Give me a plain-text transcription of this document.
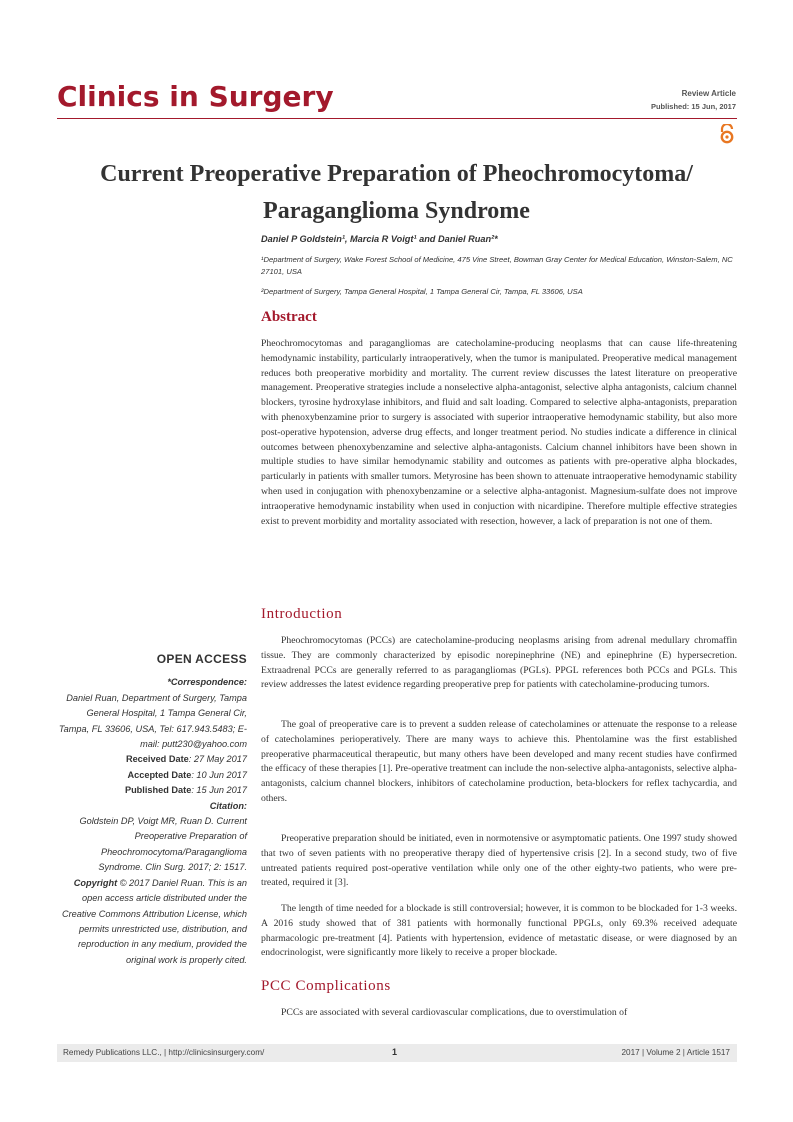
Clinics in Surgery	Review Article
Published: 15 Jun, 2017
Current Preoperative Preparation of Pheochromocytoma/ Paraganglioma Syndrome
Daniel P Goldstein¹, Marcia R Voigt¹ and Daniel Ruan²*
¹Department of Surgery, Wake Forest School of Medicine, 475 Vine Street, Bowman Gray Center for Medical Education, Winston-Salem, NC 27101, USA
²Department of Surgery, Tampa General Hospital, 1 Tampa General Cir, Tampa, FL 33606, USA
Abstract

Pheochromocytomas and paragangliomas are catecholamine-producing neoplasms that can cause life-threatening hemodynamic instability, particularly intraoperatively, when the tumor is manipulated. Preoperative medical management reduces both preoperative morbidity and mortality. The current review discusses the latest literature on preoperative management. Preoperative strategies include a nonselective alpha-antagonist, selective alpha antagonists, calcium channel blockers, tyrosine hydroxylase inhibitors, and fluid and salt loading. Compared to selective alpha-antagonists, preparation with phenoxybenzamine prior to surgery is associated with superior intraoperative hemodynamic stability, but also more post-operative hypotension, adverse drug effects, and longer treatment period. No studies indicate a difference in clinical outcomes between phenoxybenzamine and selective alpha-antagonists. Calcium channel inhibitors have been shown in multiple studies to have similar hemodynamic stability and outcomes as patients with pre-operative alpha blockades, particularly in patients with smaller tumors. Metyrosine has been shown to attenuate intraoperative hemodynamic stability when used in conjugation with phenoxybenzamine or a selective alpha-antagonist. Magnesium-sulfate does not improve intraoperative hemodynamic instability when used in conjuction with nicardipine. Therefore multiple effective strategies exist to prevent morbidity and mortality associated with resection, however, a lack of preparation is not one of them.

Introduction

Pheochromocytomas (PCCs) are catecholamine-producing neoplasms arising from adrenal medullary chromaffin tissue. They are commonly characterized by episodic norepinephrine (NE) and epinephrine (E) hypersecretion. Extraadrenal PCCs are generally referred to as paragangliomas (PGLs). PPGL references both PCCs and PGLs. This review addresses the latest evidence regarding preoperative prep for patients with catecholamine-producing tumors.

The goal of preoperative care is to prevent a sudden release of catecholamines or attenuate the response to a release of catecholamines perioperatively. There are many ways to achieve this. Phentolamine was the first established preoperative pharmaceutical therapeutic, but many others have been developed and many recent studies have confirmed the efficacy of these therapies [1]. Pre-operative treatment can include the non-selective alpha-antagonists, selective alpha-antagonists, calcium channel blockers, inhibitors of catecholamine production, beta-blockers for reflex tachycardia, and others.

Preoperative preparation should be initiated, even in normotensive or asymptomatic patients. One 1997 study showed that two of seven patients with no preoperative therapy died of hypertensive crisis [2]. In a second study, two of five untreated patients required post-operative ventilation while only one of the other eighty-two patients, who were pre-treated, required it [3].

The length of time needed for a blockade is still controversial; however, it is common to be blockaded for 1-3 weeks. A 2016 study showed that of 381 patients with hormonally functional PPGLs, only 69.3% received adequate pharmacologic pre-treatment [4]. Patients with hypertension, evidence of metastatic disease, or were diagnosed by an endocrinologist, were significantly more likely to receive a proper blockade.

PCC Complications

PCCs are associated with several cardiovascular complications, due to overstimulation of

OPEN ACCESS
*Correspondence:
Daniel Ruan, Department of Surgery, Tampa General Hospital, 1 Tampa General Cir, Tampa, FL 33606, USA, Tel: 617.943.5483; E-mail: putt230@yahoo.com
Received Date: 27 May 2017
Accepted Date: 10 Jun 2017
Published Date: 15 Jun 2017
Citation:
Goldstein DP, Voigt MR, Ruan D. Current Preoperative Preparation of Pheochromocytoma/Paraganglioma Syndrome. Clin Surg. 2017; 2: 1517.
Copyright © 2017 Daniel Ruan. This is an open access article distributed under the Creative Commons Attribution License, which permits unrestricted use, distribution, and reproduction in any medium, provided the original work is properly cited.
Remedy Publications LLC., | http://clinicsinsurgery.com/	1	2017 | Volume 2 | Article 1517
